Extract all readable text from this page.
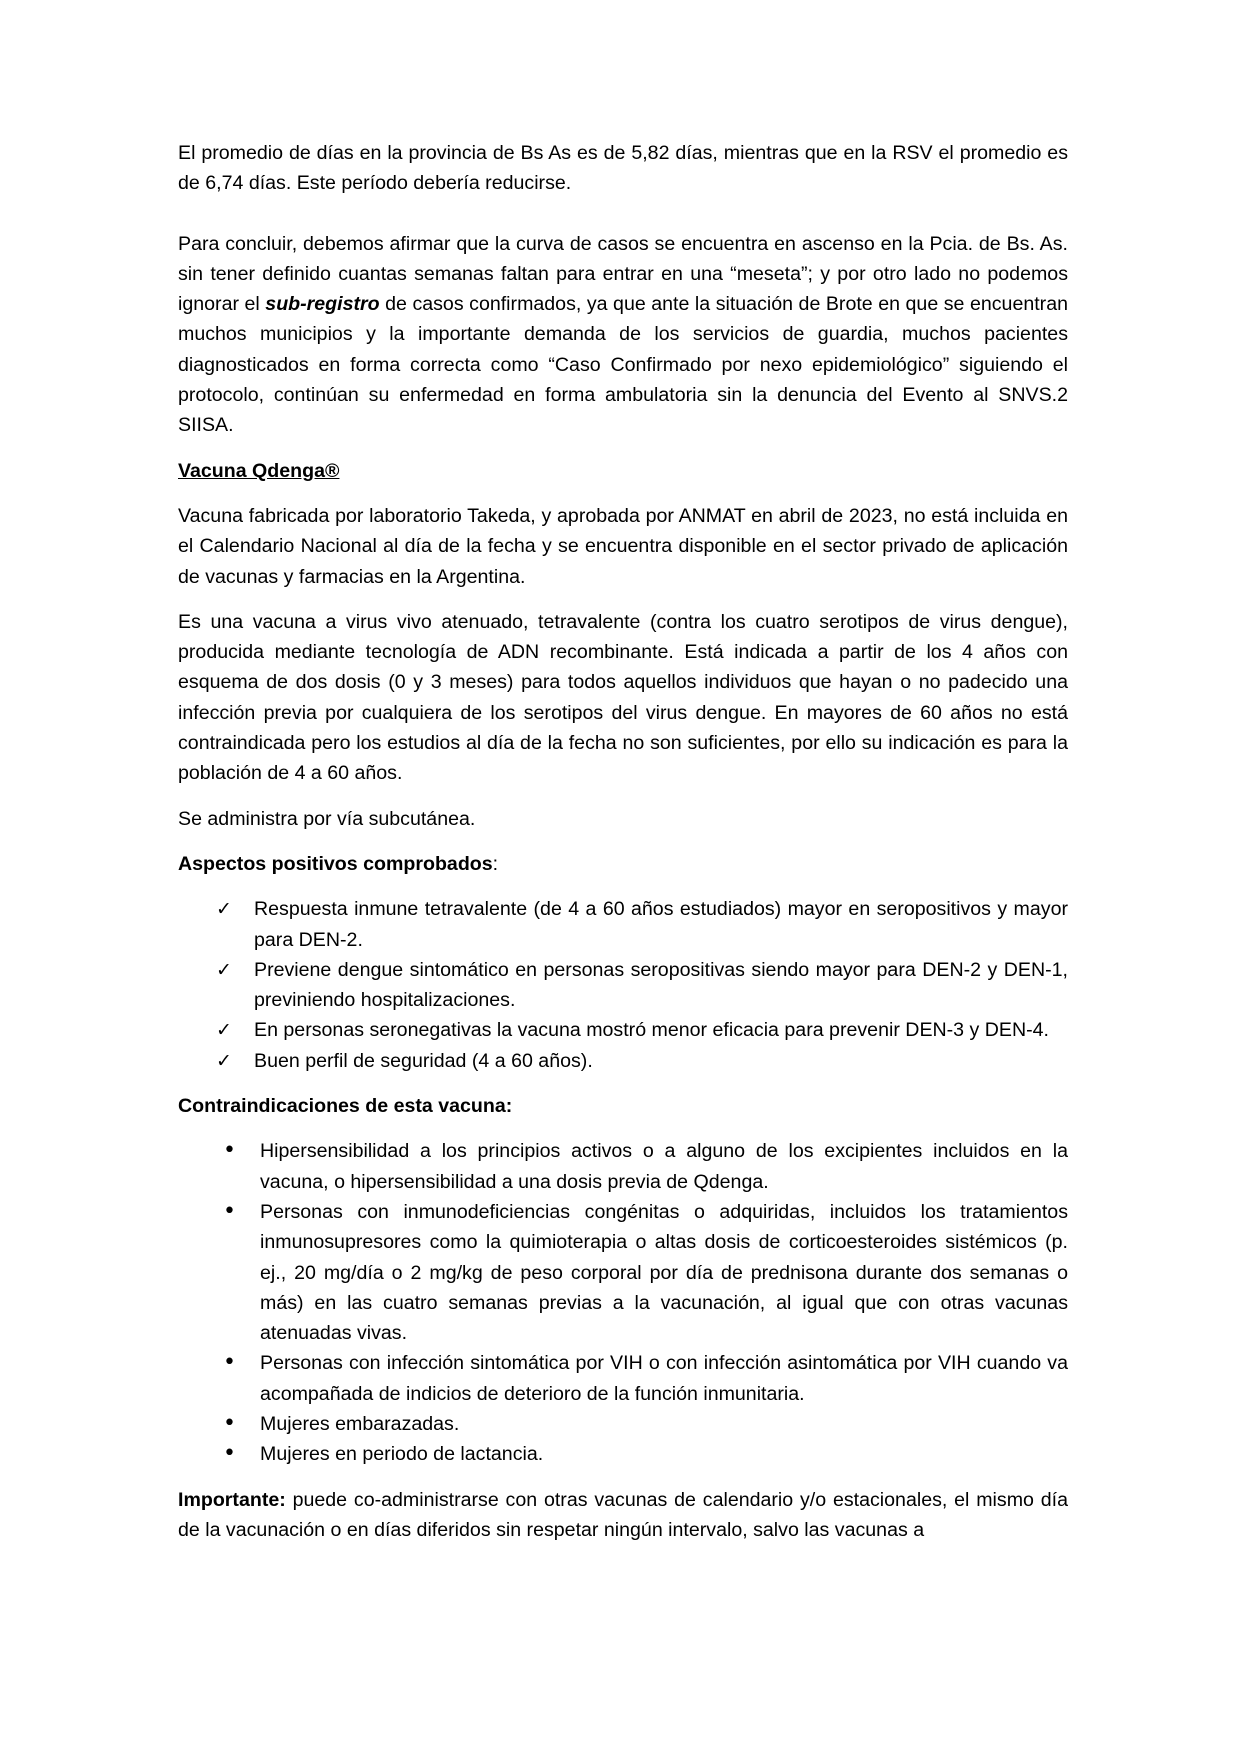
El promedio de días en la provincia de Bs As es de 5,82 días, mientras que en la RSV el promedio es de 6,74 días. Este período debería reducirse.

Para concluir, debemos afirmar que la curva de casos se encuentra en ascenso en la Pcia. de Bs. As. sin tener definido cuantas semanas faltan para entrar en una “meseta”; y por otro lado no podemos ignorar el sub-registro de casos confirmados, ya que ante la situación de Brote en que se encuentran muchos municipios y la importante demanda de los servicios de guardia, muchos pacientes diagnosticados en forma correcta como “Caso Confirmado por nexo epidemiológico” siguiendo el protocolo, continúan su enfermedad en forma ambulatoria sin la denuncia del Evento al SNVS.2 SIISA.

Vacuna Qdenga®

Vacuna fabricada por laboratorio Takeda, y aprobada por ANMAT en abril de 2023, no está incluida en el Calendario Nacional al día de la fecha y se encuentra disponible en el sector privado de aplicación de vacunas y farmacias en la Argentina.

Es una vacuna a virus vivo atenuado, tetravalente (contra los cuatro serotipos de virus dengue), producida mediante tecnología de ADN recombinante. Está indicada a partir de los 4 años con esquema de dos dosis (0 y 3 meses) para todos aquellos individuos que hayan o no padecido una infección previa por cualquiera de los serotipos del virus dengue. En mayores de 60 años no está contraindicada pero los estudios al día de la fecha no son suficientes, por ello su indicación es para la población de 4 a 60 años.

Se administra por vía subcutánea.

Aspectos positivos comprobados:

✓ Respuesta inmune tetravalente (de 4 a 60 años estudiados) mayor en seropositivos y mayor para DEN-2.
✓ Previene dengue sintomático en personas seropositivas siendo mayor para DEN-2 y DEN-1, previniendo hospitalizaciones.
✓ En personas seronegativas la vacuna mostró menor eficacia para prevenir DEN-3 y DEN-4.
✓ Buen perfil de seguridad (4 a 60 años).

Contraindicaciones de esta vacuna:

• Hipersensibilidad a los principios activos o a alguno de los excipientes incluidos en la vacuna, o hipersensibilidad a una dosis previa de Qdenga.
• Personas con inmunodeficiencias congénitas o adquiridas, incluidos los tratamientos inmunosupresores como la quimioterapia o altas dosis de corticoesteroides sistémicos (p. ej., 20 mg/día o 2 mg/kg de peso corporal por día de prednisona durante dos semanas o más) en las cuatro semanas previas a la vacunación, al igual que con otras vacunas atenuadas vivas.
• Personas con infección sintomática por VIH o con infección asintomática por VIH cuando va acompañada de indicios de deterioro de la función inmunitaria.
• Mujeres embarazadas.
• Mujeres en periodo de lactancia.

Importante: puede co-administrarse con otras vacunas de calendario y/o estacionales, el mismo día de la vacunación o en días diferidos sin respetar ningún intervalo, salvo las vacunas a
